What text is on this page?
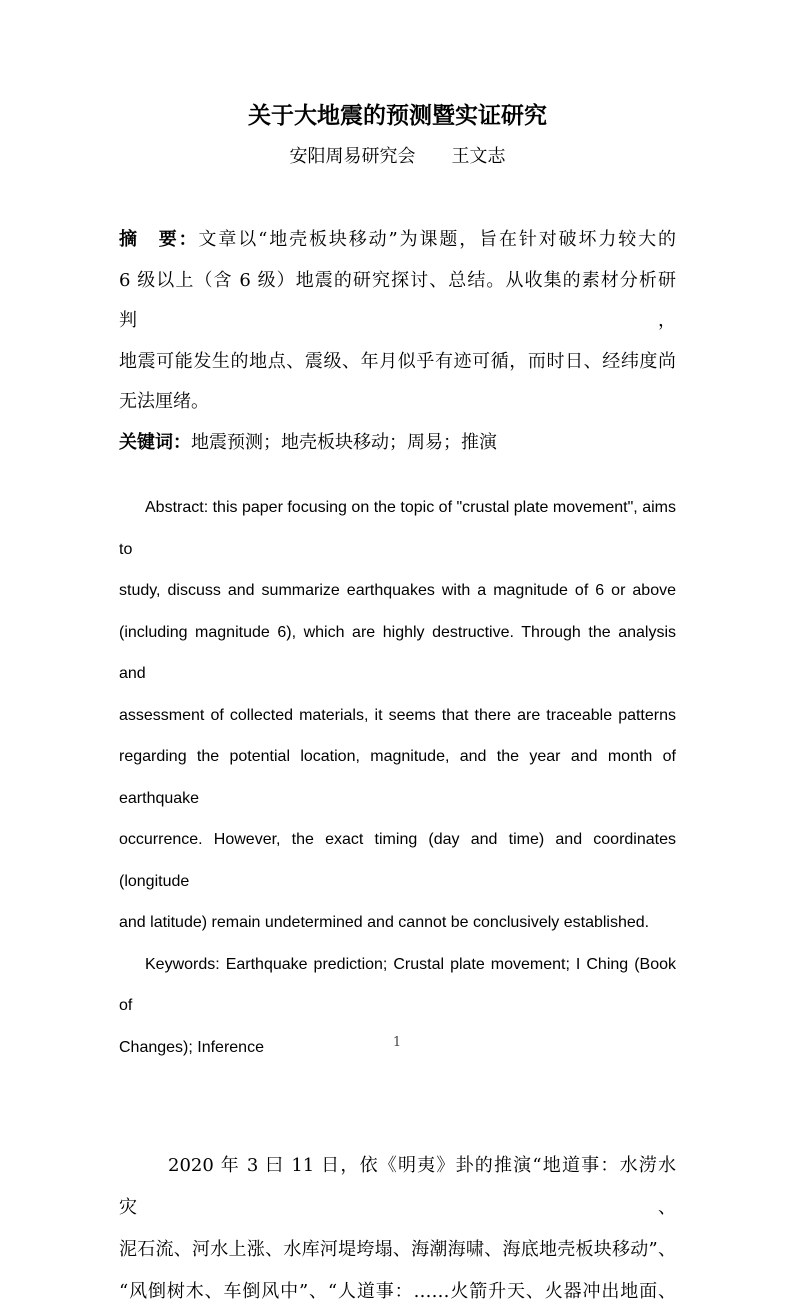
关于大地震的预测暨实证研究
安阳周易研究会　　王文志
摘　要：文章以“地壳板块移动”为课题，旨在针对破坏力较大的
6 级以上（含 6 级）地震的研究探讨、总结。从收集的素材分析研判，
地震可能发生的地点、震级、年月似乎有迹可循，而时日、经纬度尚
无法厘绪。
关键词：地震预测；地壳板块移动；周易；推演
Abstract: this paper focusing on the topic of "crustal plate movement", aims to
study, discuss and summarize earthquakes with a magnitude of 6 or above
(including magnitude 6), which are highly destructive. Through the analysis and
assessment of collected materials, it seems that there are traceable patterns
regarding the potential location, magnitude, and the year and month of earthquake
occurrence. However, the exact timing (day and time) and coordinates (longitude
and latitude) remain undetermined and cannot be conclusively established.
Keywords: Earthquake prediction; Crustal plate movement; I Ching (Book of
Changes); Inference
2020 年 3 曰 11 日，依《明夷》卦的推演“地道事：水涝水灾、
泥石流、河水上涨、水库河堤垮塌、海潮海啸、海底地壳板块移动”、
“风倒树木、车倒风中”、“人道事：……火箭升天、火器冲出地面、
1
